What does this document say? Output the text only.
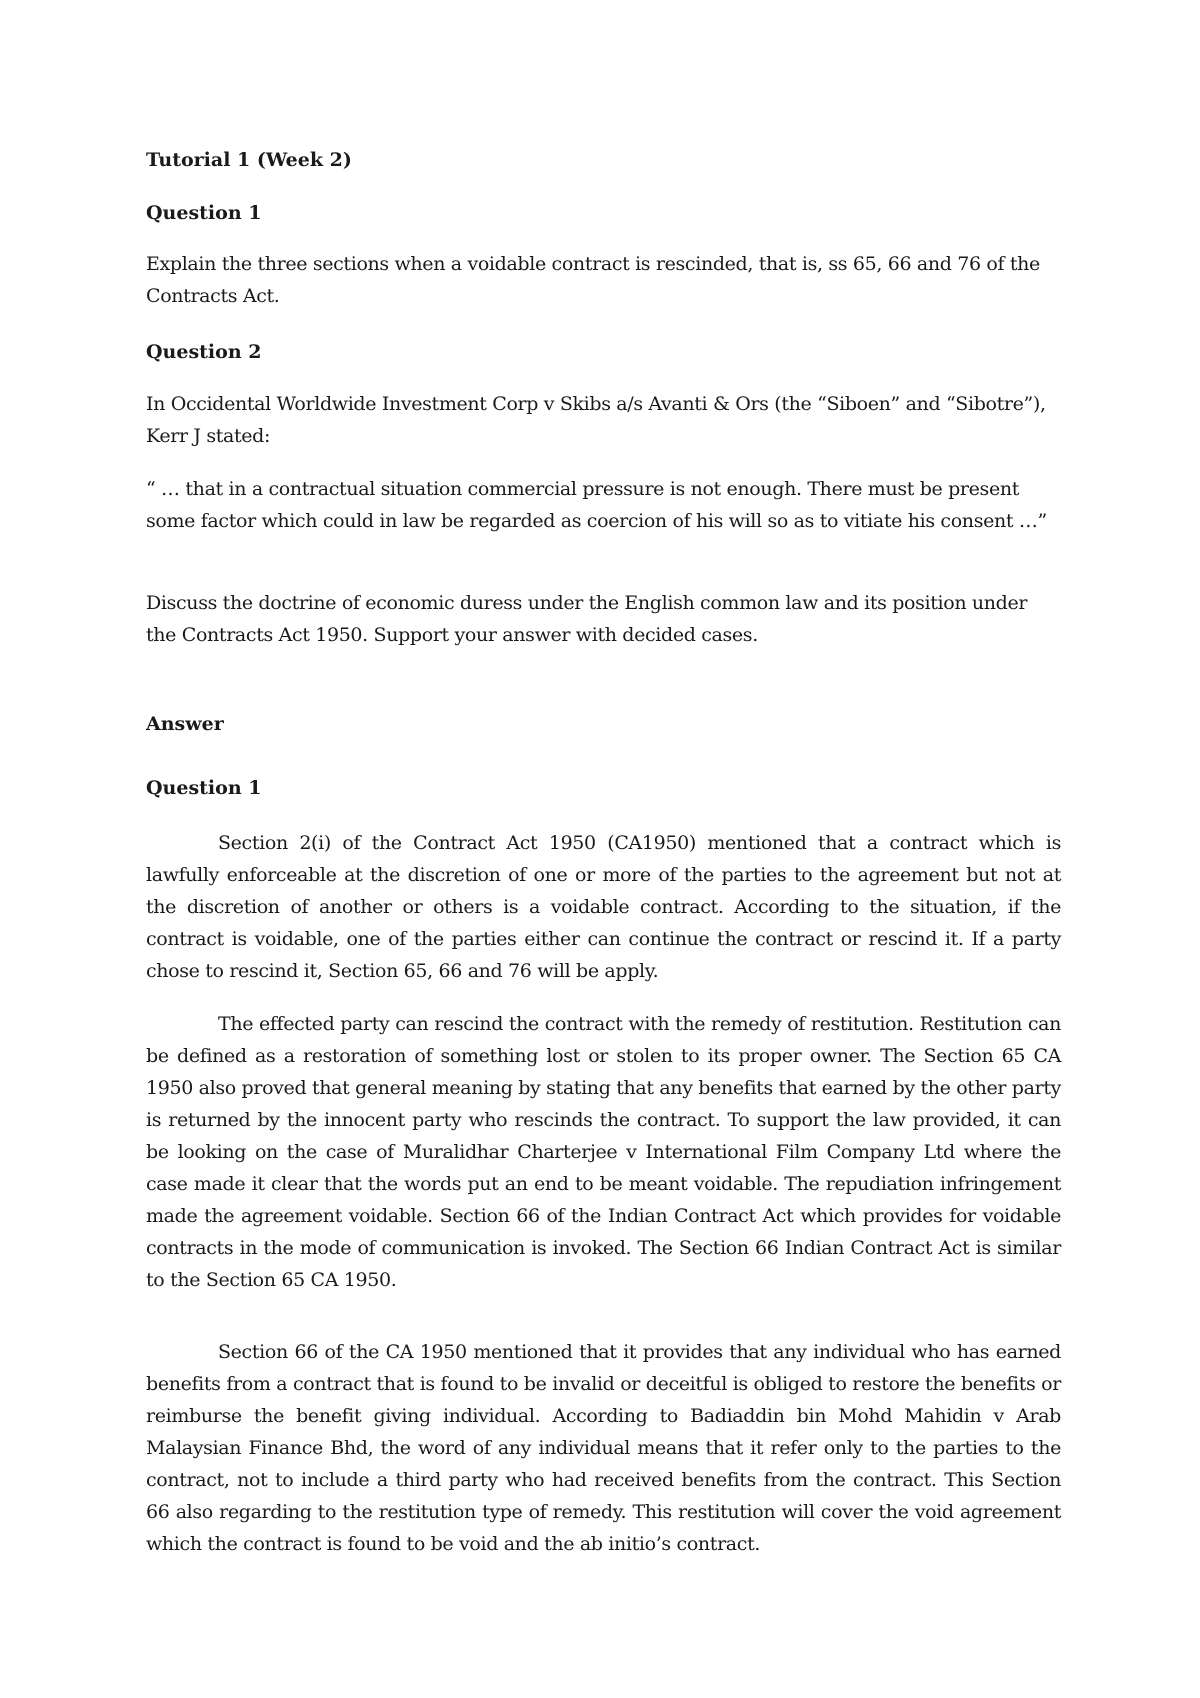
Tutorial 1 (Week 2)
Question 1

Explain the three sections when a voidable contract is rescinded, that is, ss 65, 66 and 76 of the Contracts Act.

Question 2

In Occidental Worldwide Investment Corp v Skibs a/s Avanti & Ors (the “Siboen” and “Sibotre”), Kerr J stated:

“ … that in a contractual situation commercial pressure is not enough. There must be present some factor which could in law be regarded as coercion of his will so as to vitiate his consent …”

Discuss the doctrine of economic duress under the English common law and its position under the Contracts Act 1950. Support your answer with decided cases.

Answer
Question 1

Section 2(i) of the Contract Act 1950 (CA1950) mentioned that a contract which is lawfully enforceable at the discretion of one or more of the parties to the agreement but not at the discretion of another or others is a voidable contract. According to the situation, if the contract is voidable, one of the parties either can continue the contract or rescind it. If a party chose to rescind it, Section 65, 66 and 76 will be apply.

The effected party can rescind the contract with the remedy of restitution. Restitution can be defined as a restoration of something lost or stolen to its proper owner. The Section 65 CA 1950 also proved that general meaning by stating that any benefits that earned by the other party is returned by the innocent party who rescinds the contract. To support the law provided, it can be looking on the case of Muralidhar Charterjee v International Film Company Ltd where the case made it clear that the words put an end to be meant voidable. The repudiation infringement made the agreement voidable. Section 66 of the Indian Contract Act which provides for voidable contracts in the mode of communication is invoked. The Section 66 Indian Contract Act is similar to the Section 65 CA 1950.

Section 66 of the CA 1950 mentioned that it provides that any individual who has earned benefits from a contract that is found to be invalid or deceitful is obliged to restore the benefits or reimburse the benefit giving individual. According to Badiaddin bin Mohd Mahidin v Arab Malaysian Finance Bhd, the word of any individual means that it refer only to the parties to the contract, not to include a third party who had received benefits from the contract. This Section 66 also regarding to the restitution type of remedy. This restitution will cover the void agreement which the contract is found to be void and the ab initio’s contract.
